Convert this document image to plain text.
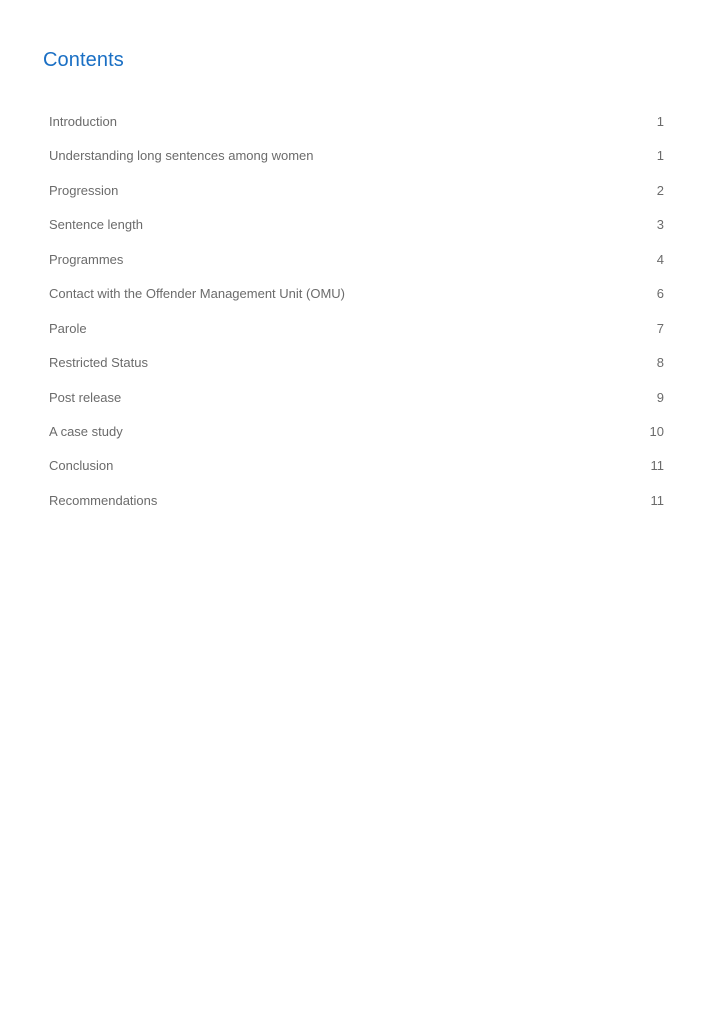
Contents
Introduction	1
Understanding long sentences among women	1
Progression	2
Sentence length	3
Programmes	4
Contact with the Offender Management Unit (OMU)	6
Parole	7
Restricted Status	8
Post release	9
A case study	10
Conclusion	11
Recommendations	11
